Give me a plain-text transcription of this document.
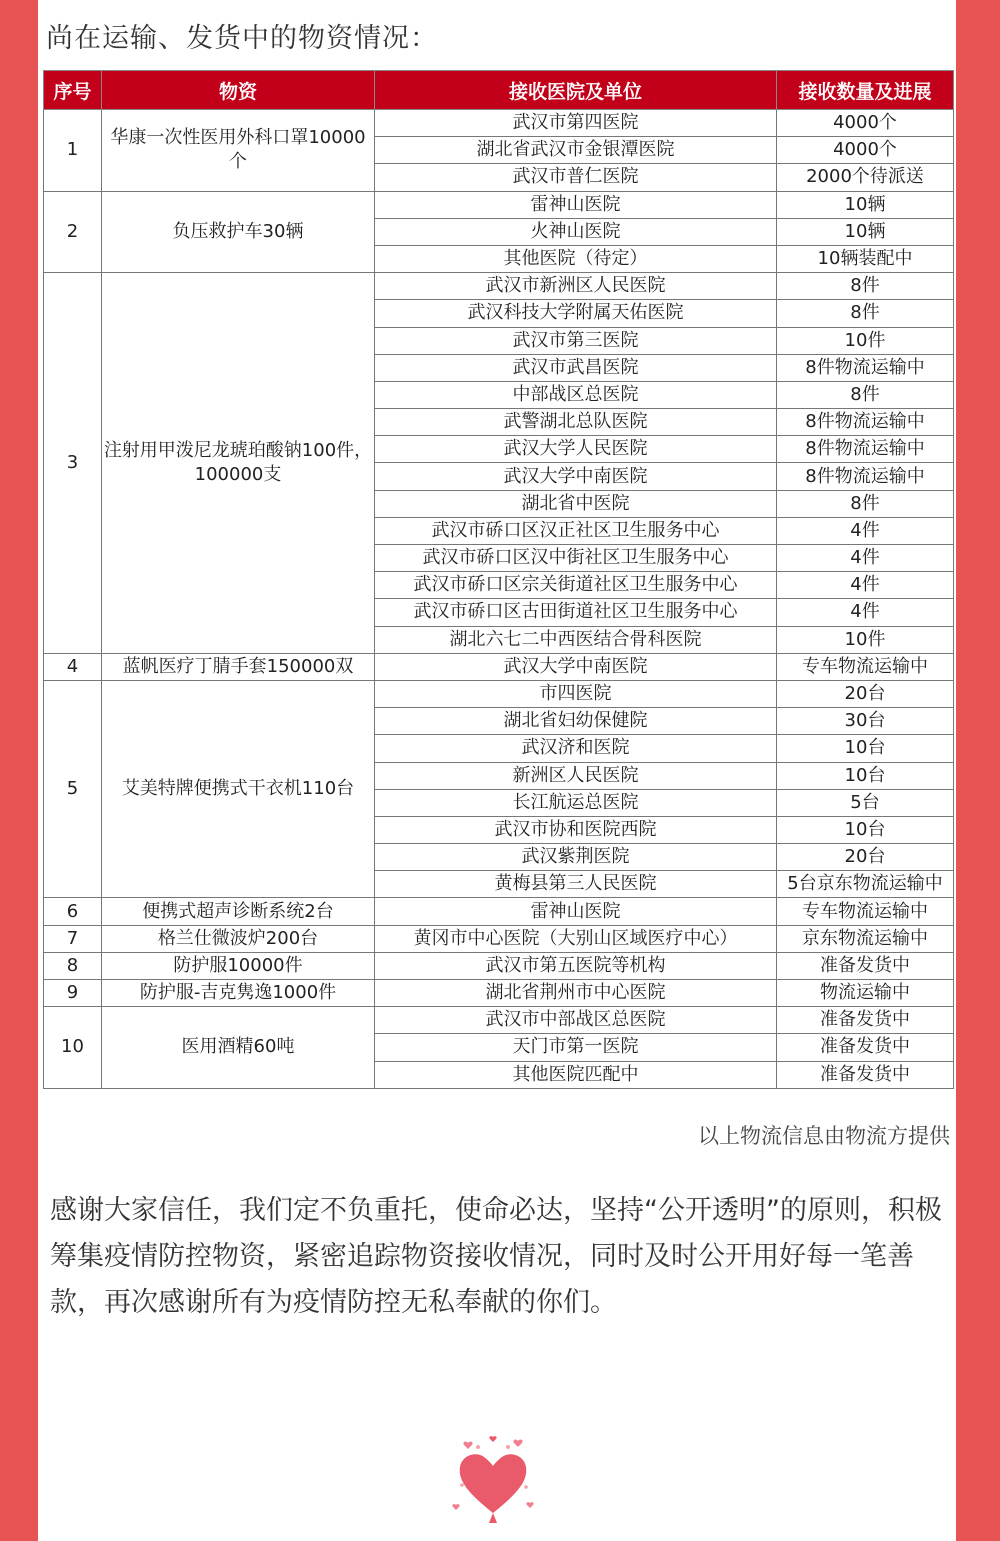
尚在运输、发货中的物资情况：
序号	物资	接收医院及单位	接收数量及进展
1	华康一次性医用外科口罩10000个	武汉市第四医院	4000个
		湖北省武汉市金银潭医院	4000个
		武汉市普仁医院	2000个待派送
2	负压救护车30辆	雷神山医院	10辆
		火神山医院	10辆
		其他医院（待定）	10辆装配中
3	注射用甲泼尼龙琥珀酸钠100件，100000支	武汉市新洲区人民医院	8件
		武汉科技大学附属天佑医院	8件
		武汉市第三医院	10件
		武汉市武昌医院	8件物流运输中
		中部战区总医院	8件
		武警湖北总队医院	8件物流运输中
		武汉大学人民医院	8件物流运输中
		武汉大学中南医院	8件物流运输中
		湖北省中医院	8件
		武汉市硚口区汉正社区卫生服务中心	4件
		武汉市硚口区汉中街社区卫生服务中心	4件
		武汉市硚口区宗关街道社区卫生服务中心	4件
		武汉市硚口区古田街道社区卫生服务中心	4件
		湖北六七二中西医结合骨科医院	10件
4	蓝帆医疗丁腈手套150000双	武汉大学中南医院	专车物流运输中
5	艾美特牌便携式干衣机110台	市四医院	20台
		湖北省妇幼保健院	30台
		武汉济和医院	10台
		新洲区人民医院	10台
		长江航运总医院	5台
		武汉市协和医院西院	10台
		武汉紫荆医院	20台
		黄梅县第三人民医院	5台京东物流运输中
6	便携式超声诊断系统2台	雷神山医院	专车物流运输中
7	格兰仕微波炉200台	黄冈市中心医院（大别山区域医疗中心）	京东物流运输中
8	防护服10000件	武汉市第五医院等机构	准备发货中
9	防护服-吉克隽逸1000件	湖北省荆州市中心医院	物流运输中
10	医用酒精60吨	武汉市中部战区总医院	准备发货中
		天门市第一医院	准备发货中
		其他医院匹配中	准备发货中
以上物流信息由物流方提供
感谢大家信任，我们定不负重托，使命必达，坚持“公开透明”的原则，积极筹集疫情防控物资，紧密追踪物资接收情况，同时及时公开用好每一笔善款，再次感谢所有为疫情防控无私奉献的你们。
